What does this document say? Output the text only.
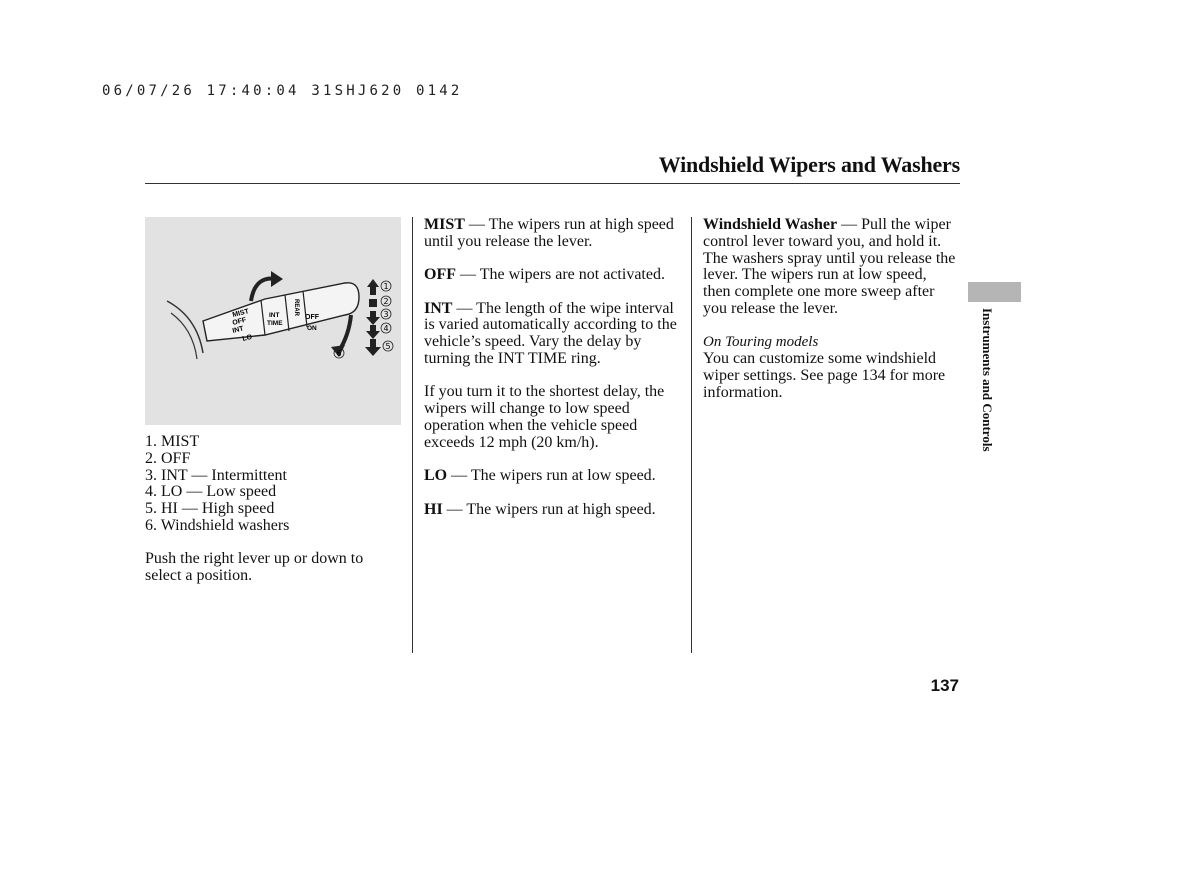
06/07/26 17:40:04 31SHJ620 0142
Windshield Wipers and Washers
MIST
OFF
INT
LO
INT
TIME
REAR
OFF
ON
1
2
3
4
5
6

1. MIST
2. OFF
3. INT — Intermittent
4. LO — Low speed
5. HI — High speed
6. Windshield washers

Push the right lever up or down to select a position.

MIST — The wipers run at high speed until you release the lever.

OFF — The wipers are not activated.

INT — The length of the wipe interval is varied automatically according to the vehicle’s speed. Vary the delay by turning the INT TIME ring.

If you turn it to the shortest delay, the wipers will change to low speed operation when the vehicle speed exceeds 12 mph (20 km/h).

LO — The wipers run at low speed.

HI — The wipers run at high speed.

Windshield Washer — Pull the wiper control lever toward you, and hold it. The washers spray until you release the lever. The wipers run at low speed, then complete one more sweep after you release the lever.

On Touring models
You can customize some windshield wiper settings. See page 134 for more information.	Instruments and Controls
137
